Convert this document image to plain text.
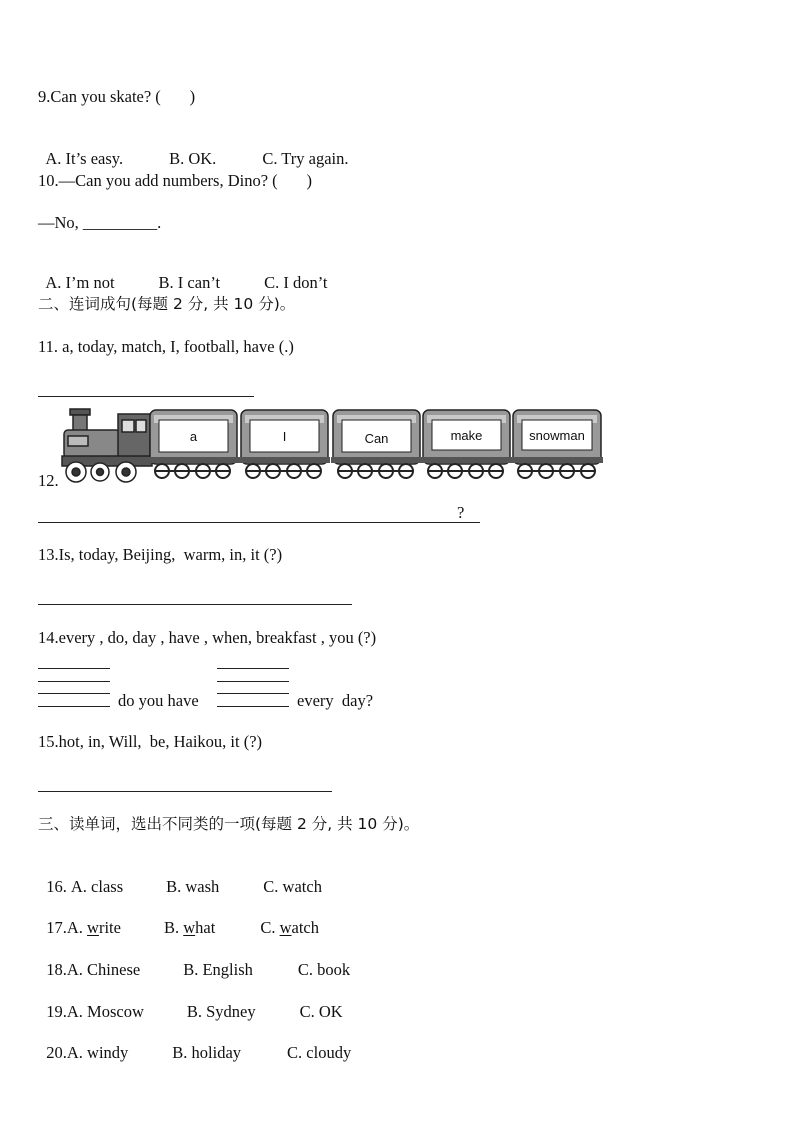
9.Can you skate? (       )

A. It’s easy.	B. OK.	C. Try again.

10.—Can you add numbers, Dino? (       )
—No, _________.

A. I’m not	B. I can’t	C. I don’t

二、连词成句(每题 2 分, 共 10 分)。
11. a, today, match, I, football, have (.)
12.
a	I	Can	make	snowman
?
13.Is, today, Beijing,  warm, in, it (?)
14.every , do, day , have , when, breakfast , you (?)
do you have	every  day?
15.hot, in, Will,  be, Haikou, it (?)
三、读单词，选出不同类的一项(每题 2 分, 共 10 分)。

16. A. class	B. wash	C. watch

17.A. write	B. what	C. watch

18.A. Chinese	B. English	C. book

19.A. Moscow	B. Sydney	C. OK

20.A. windy	B. holiday	C. cloudy
